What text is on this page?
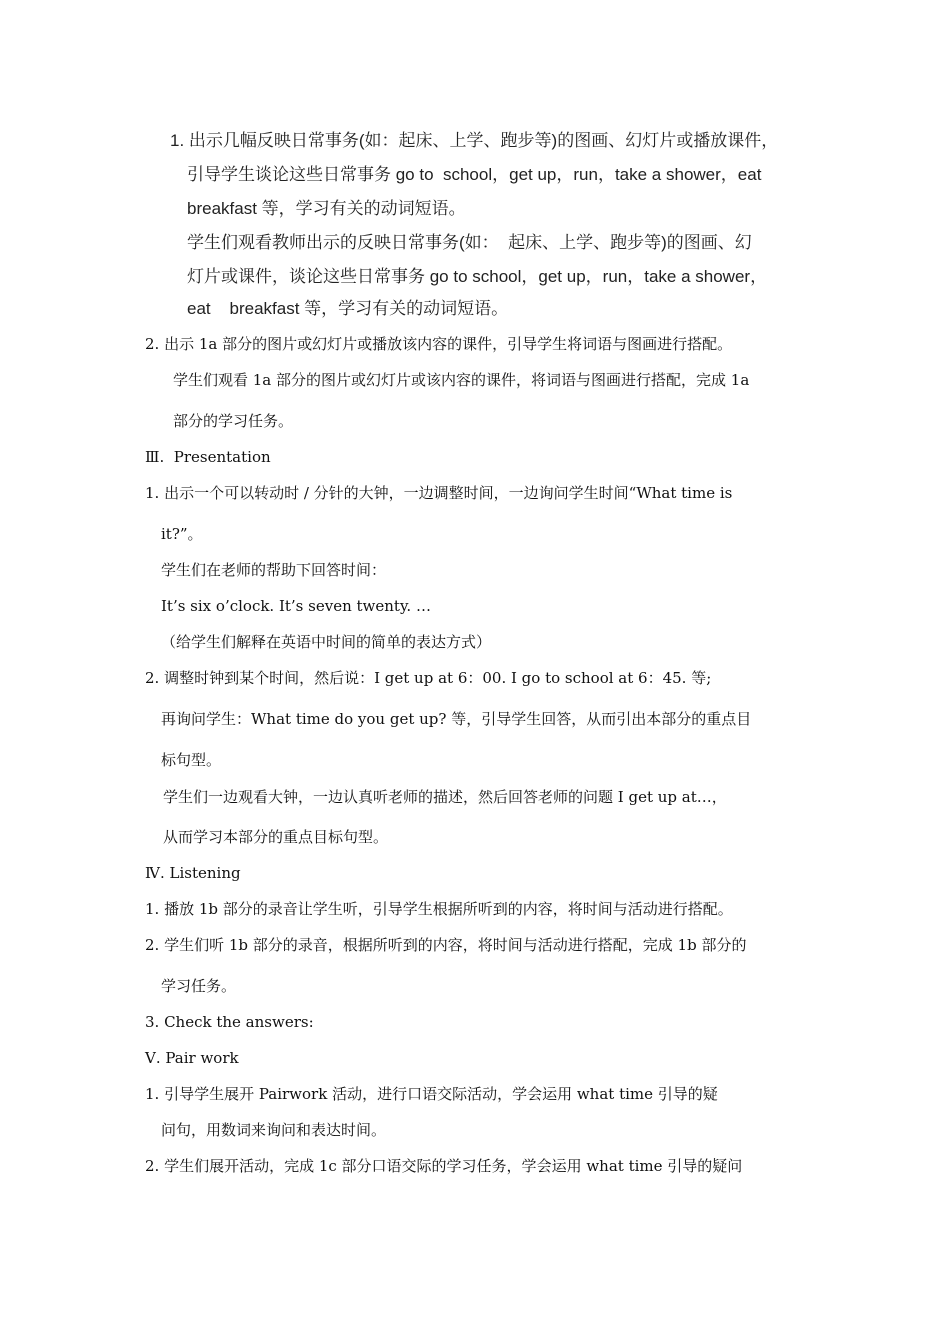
1. 出示几幅反映日常事务(如：起床、上学、跑步等)的图画、幻灯片或播放课件，
引导学生谈论这些日常事务 go to  school，get up，run，take a shower，eat
breakfast 等，学习有关的动词短语。
学生们观看教师出示的反映日常事务(如：  起床、上学、跑步等)的图画、幻
灯片或课件，谈论这些日常事务 go to school，get up，run，take a shower，
eat    breakfast 等，学习有关的动词短语。
2. 出示 1a 部分的图片或幻灯片或播放该内容的课件，引导学生将词语与图画进行搭配。
学生们观看 1a 部分的图片或幻灯片或该内容的课件，将词语与图画进行搭配，完成 1a
部分的学习任务。
Ⅲ.  Presentation
1. 出示一个可以转动时 / 分针的大钟，一边调整时间，一边询问学生时间“What time is
it?”。
学生们在老师的帮助下回答时间：
It’s six o’clock. It’s seven twenty. …
（给学生们解释在英语中时间的简单的表达方式）
2. 调整时钟到某个时间，然后说：I get up at 6：00. I go to school at 6：45. 等;
再询问学生：What time do you get up? 等，引导学生回答，从而引出本部分的重点目
标句型。
学生们一边观看大钟，一边认真听老师的描述，然后回答老师的问题 I get up at…，
从而学习本部分的重点目标句型。
Ⅳ. Listening
1. 播放 1b 部分的录音让学生听，引导学生根据所听到的内容，将时间与活动进行搭配。
2. 学生们听 1b 部分的录音，根据所听到的内容，将时间与活动进行搭配，完成 1b 部分的
学习任务。
3. Check the answers:
Ⅴ. Pair work
1. 引导学生展开 Pairwork 活动，进行口语交际活动，学会运用 what time 引导的疑
问句，用数词来询问和表达时间。
2. 学生们展开活动，完成 1c 部分口语交际的学习任务，学会运用 what time 引导的疑问
